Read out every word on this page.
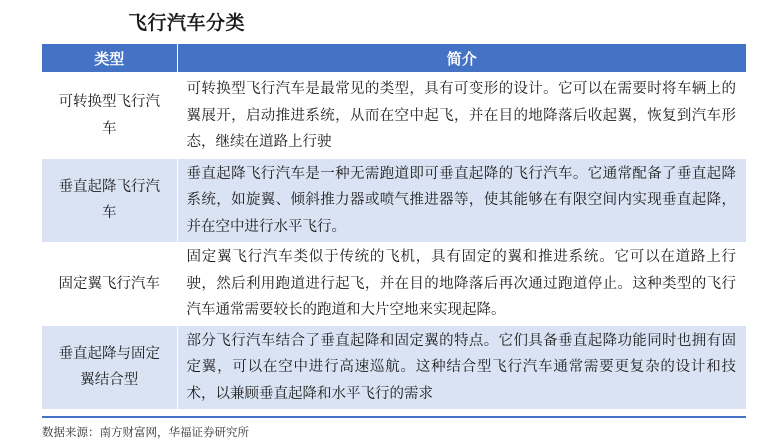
飞行汽车分类
类型	简介
可转换型飞行汽车	可转换型飞行汽车是最常见的类型，具有可变形的设计。它可以在需要时将车辆上的翼展开，启动推进系统，从而在空中起飞，并在目的地降落后收起翼，恢复到汽车形态，继续在道路上行驶
垂直起降飞行汽车	垂直起降飞行汽车是一种无需跑道即可垂直起降的飞行汽车。它通常配备了垂直起降系统，如旋翼、倾斜推力器或喷气推进器等，使其能够在有限空间内实现垂直起降，并在空中进行水平飞行。
固定翼飞行汽车	固定翼飞行汽车类似于传统的飞机，具有固定的翼和推进系统。它可以在道路上行驶，然后利用跑道进行起飞，并在目的地降落后再次通过跑道停止。这种类型的飞行汽车通常需要较长的跑道和大片空地来实现起降。
垂直起降与固定翼结合型	部分飞行汽车结合了垂直起降和固定翼的特点。它们具备垂直起降功能同时也拥有固定翼，可以在空中进行高速巡航。这种结合型飞行汽车通常需要更复杂的设计和技术，以兼顾垂直起降和水平飞行的需求
数据来源：南方财富网，华福证券研究所
